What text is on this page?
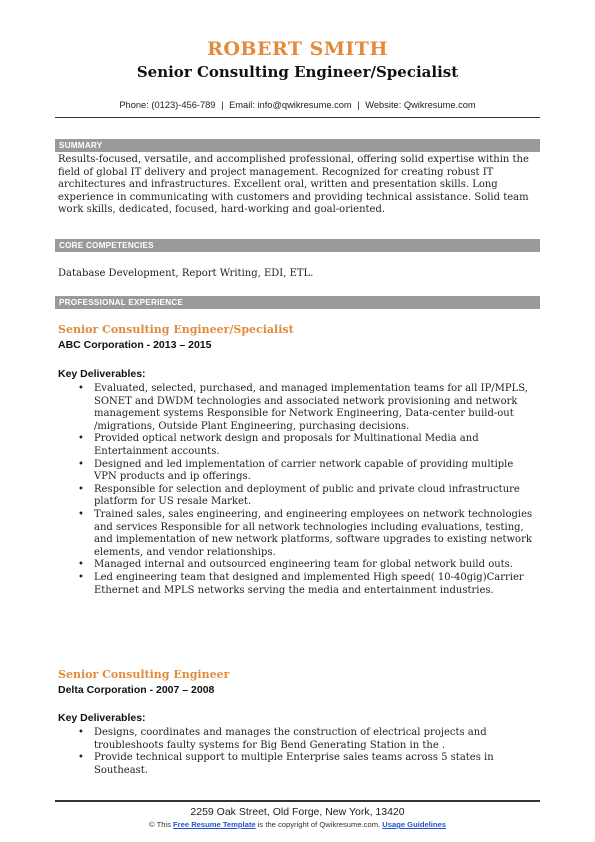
ROBERT SMITH
Senior Consulting Engineer/Specialist
Phone: (0123)-456-789 | Email: info@qwikresume.com | Website: Qwikresume.com
SUMMARY
Results-focused, versatile, and accomplished professional, offering solid expertise within the field of global IT delivery and project management. Recognized for creating robust IT architectures and infrastructures. Excellent oral, written and presentation skills. Long experience in communicating with customers and providing technical assistance. Solid team work skills, dedicated, focused, hard-working and goal-oriented.
CORE COMPETENCIES
Database Development, Report Writing, EDI, ETL.
PROFESSIONAL EXPERIENCE
Senior Consulting Engineer/Specialist
ABC Corporation - 2013 – 2015
Key Deliverables:
• Evaluated, selected, purchased, and managed implementation teams for all IP/MPLS, SONET and DWDM technologies and associated network provisioning and network management systems Responsible for Network Engineering, Data-center build-out /migrations, Outside Plant Engineering, purchasing decisions.
• Provided optical network design and proposals for Multinational Media and Entertainment accounts.
• Designed and led implementation of carrier network capable of providing multiple VPN products and ip offerings.
• Responsible for selection and deployment of public and private cloud infrastructure platform for US resale Market.
• Trained sales, sales engineering, and engineering employees on network technologies and services Responsible for all network technologies including evaluations, testing, and implementation of new network platforms, software upgrades to existing network elements, and vendor relationships.
• Managed internal and outsourced engineering team for global network build outs.
• Led engineering team that designed and implemented High speed( 10-40gig)Carrier Ethernet and MPLS networks serving the media and entertainment industries.
Senior Consulting Engineer
Delta Corporation - 2007 – 2008
Key Deliverables:
• Designs, coordinates and manages the construction of electrical projects and troubleshoots faulty systems for Big Bend Generating Station in the .
• Provide technical support to multiple Enterprise sales teams across 5 states in Southeast.
2259 Oak Street, Old Forge, New York, 13420
© This Free Resume Template is the copyright of Qwikresume.com. Usage Guidelines
